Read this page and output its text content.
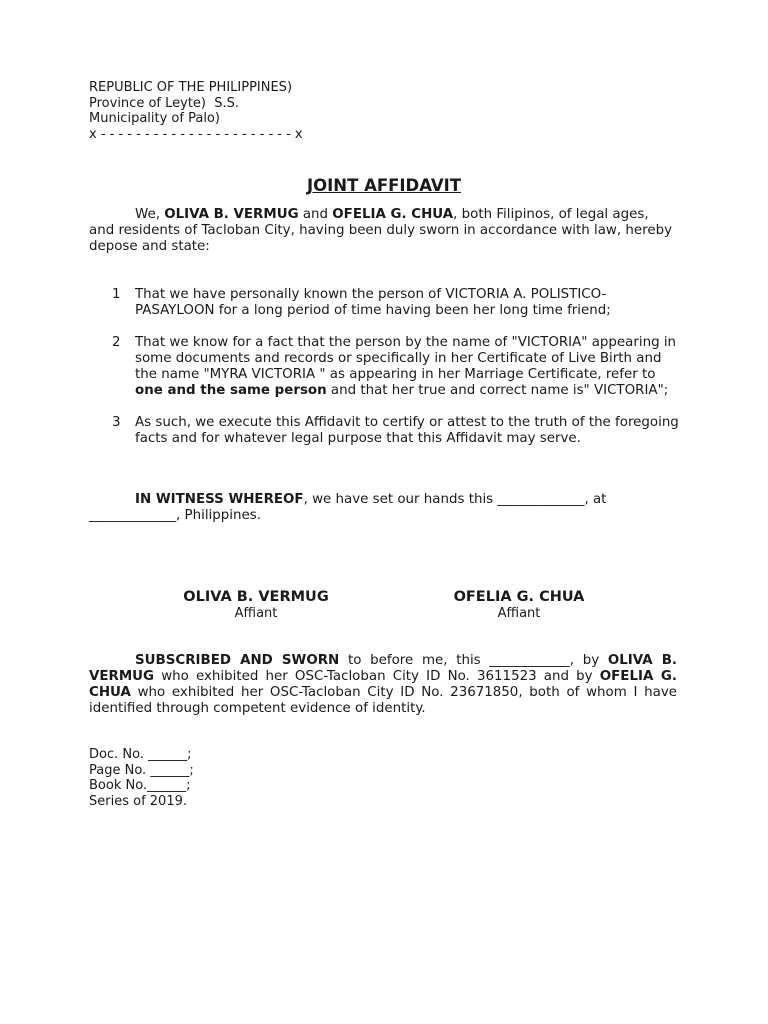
REPUBLIC OF THE PHILIPPINES)
Province of Leyte)  S.S.
Municipality of Palo)
x - - - - - - - - - - - - - - - - - - - - - - x
JOINT AFFIDAVIT
We, OLIVA B. VERMUG and OFELIA G. CHUA, both Filipinos, of legal ages, and residents of Tacloban City, having been duly sworn in accordance with law, hereby depose and state:
1 That we have personally known the person of VICTORIA A. POLISTICO-PASAYLOON for a long period of time having been her long time friend;
2 That we know for a fact that the person by the name of "VICTORIA" appearing in some documents and records or specifically in her Certificate of Live Birth and the name "MYRA VICTORIA " as appearing in her Marriage Certificate, refer to one and the same person and that her true and correct name is" VICTORIA";
3 As such, we execute this Affidavit to certify or attest to the truth of the foregoing facts and for whatever legal purpose that this Affidavit may serve.
IN WITNESS WHEREOF, we have set our hands this _____________, at
_____________, Philippines.
OLIVA B. VERMUG
Affiant
OFELIA G. CHUA
Affiant
SUBSCRIBED AND SWORN to before me, this ____________, by OLIVA B. VERMUG who exhibited her OSC-Tacloban City ID No. 3611523 and by OFELIA G. CHUA who exhibited her OSC-Tacloban City ID No. 23671850, both of whom I have identified through competent evidence of identity.
Doc. No. ______;
Page No. ______;
Book No.______;
Series of 2019.
